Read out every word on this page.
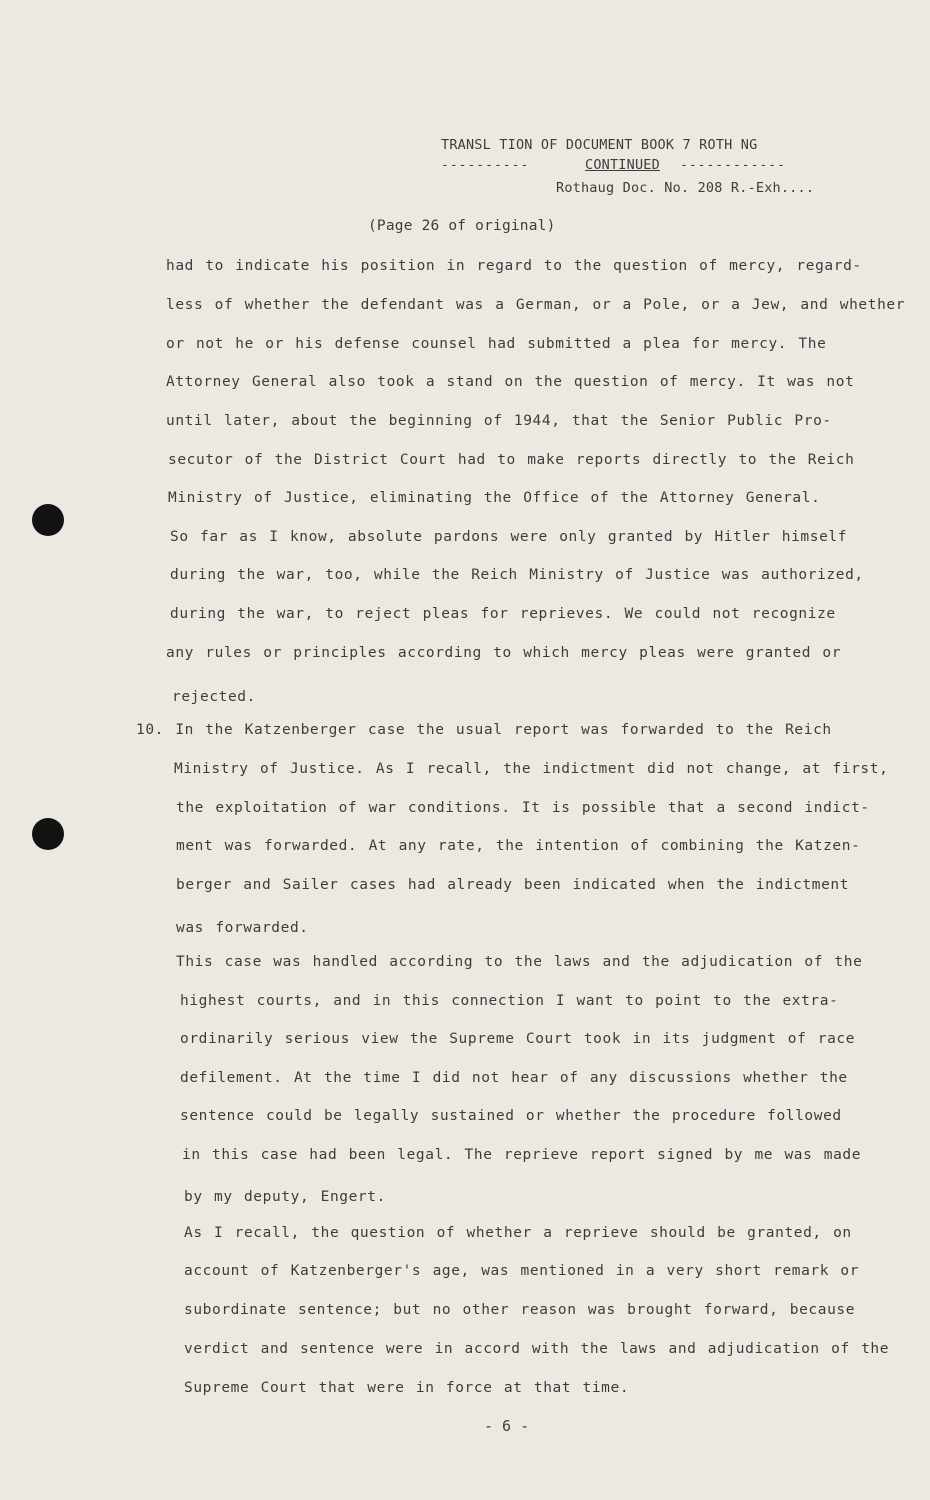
TRANSL TION OF DOCUMENT BOOK 7 ROTH NG
----------	CONTINUED ------------
Rothaug Doc. No. 208 R.-Exh....
(Page 26 of original)
had to indicate his position in regard to the question of mercy, regard-
less of whether the defendant was a German, or a Pole, or a Jew, and whether
or not he or his defense counsel had submitted a plea for mercy. The
Attorney General also took a stand on the question of mercy. It was not
until later, about the beginning of 1944, that the Senior Public Pro-
secutor of the District Court had to make reports directly to the Reich
Ministry of Justice, eliminating the Office of the Attorney General.
So far as I know, absolute pardons were only granted by Hitler himself
during the war, too, while the Reich Ministry of Justice was authorized,
during the war, to reject pleas for reprieves. We could not recognize
any rules or principles according to which mercy pleas were granted or
rejected.
10. In the Katzenberger case the usual report was forwarded to the Reich
Ministry of Justice. As I recall, the indictment did not change, at first,
the exploitation of war conditions. It is possible that a second indict-
ment was forwarded. At any rate, the intention of combining the Katzen-
berger and Sailer cases had already been indicated when the indictment
was forwarded.
This case was handled according to the laws and the adjudication of the
highest courts, and in this connection I want to point to the extra-
ordinarily serious view the Supreme Court took in its judgment of race
defilement. At the time I did not hear of any discussions whether the
sentence could be legally sustained or whether the procedure followed
in this case had been legal. The reprieve report signed by me was made
by my deputy, Engert.
As I recall, the question of whether a reprieve should be granted, on
account of Katzenberger's age, was mentioned in a very short remark or
subordinate sentence; but no other reason was brought forward, because
verdict and sentence were in accord with the laws and adjudication of the
Supreme Court that were in force at that time.
- 6 -
